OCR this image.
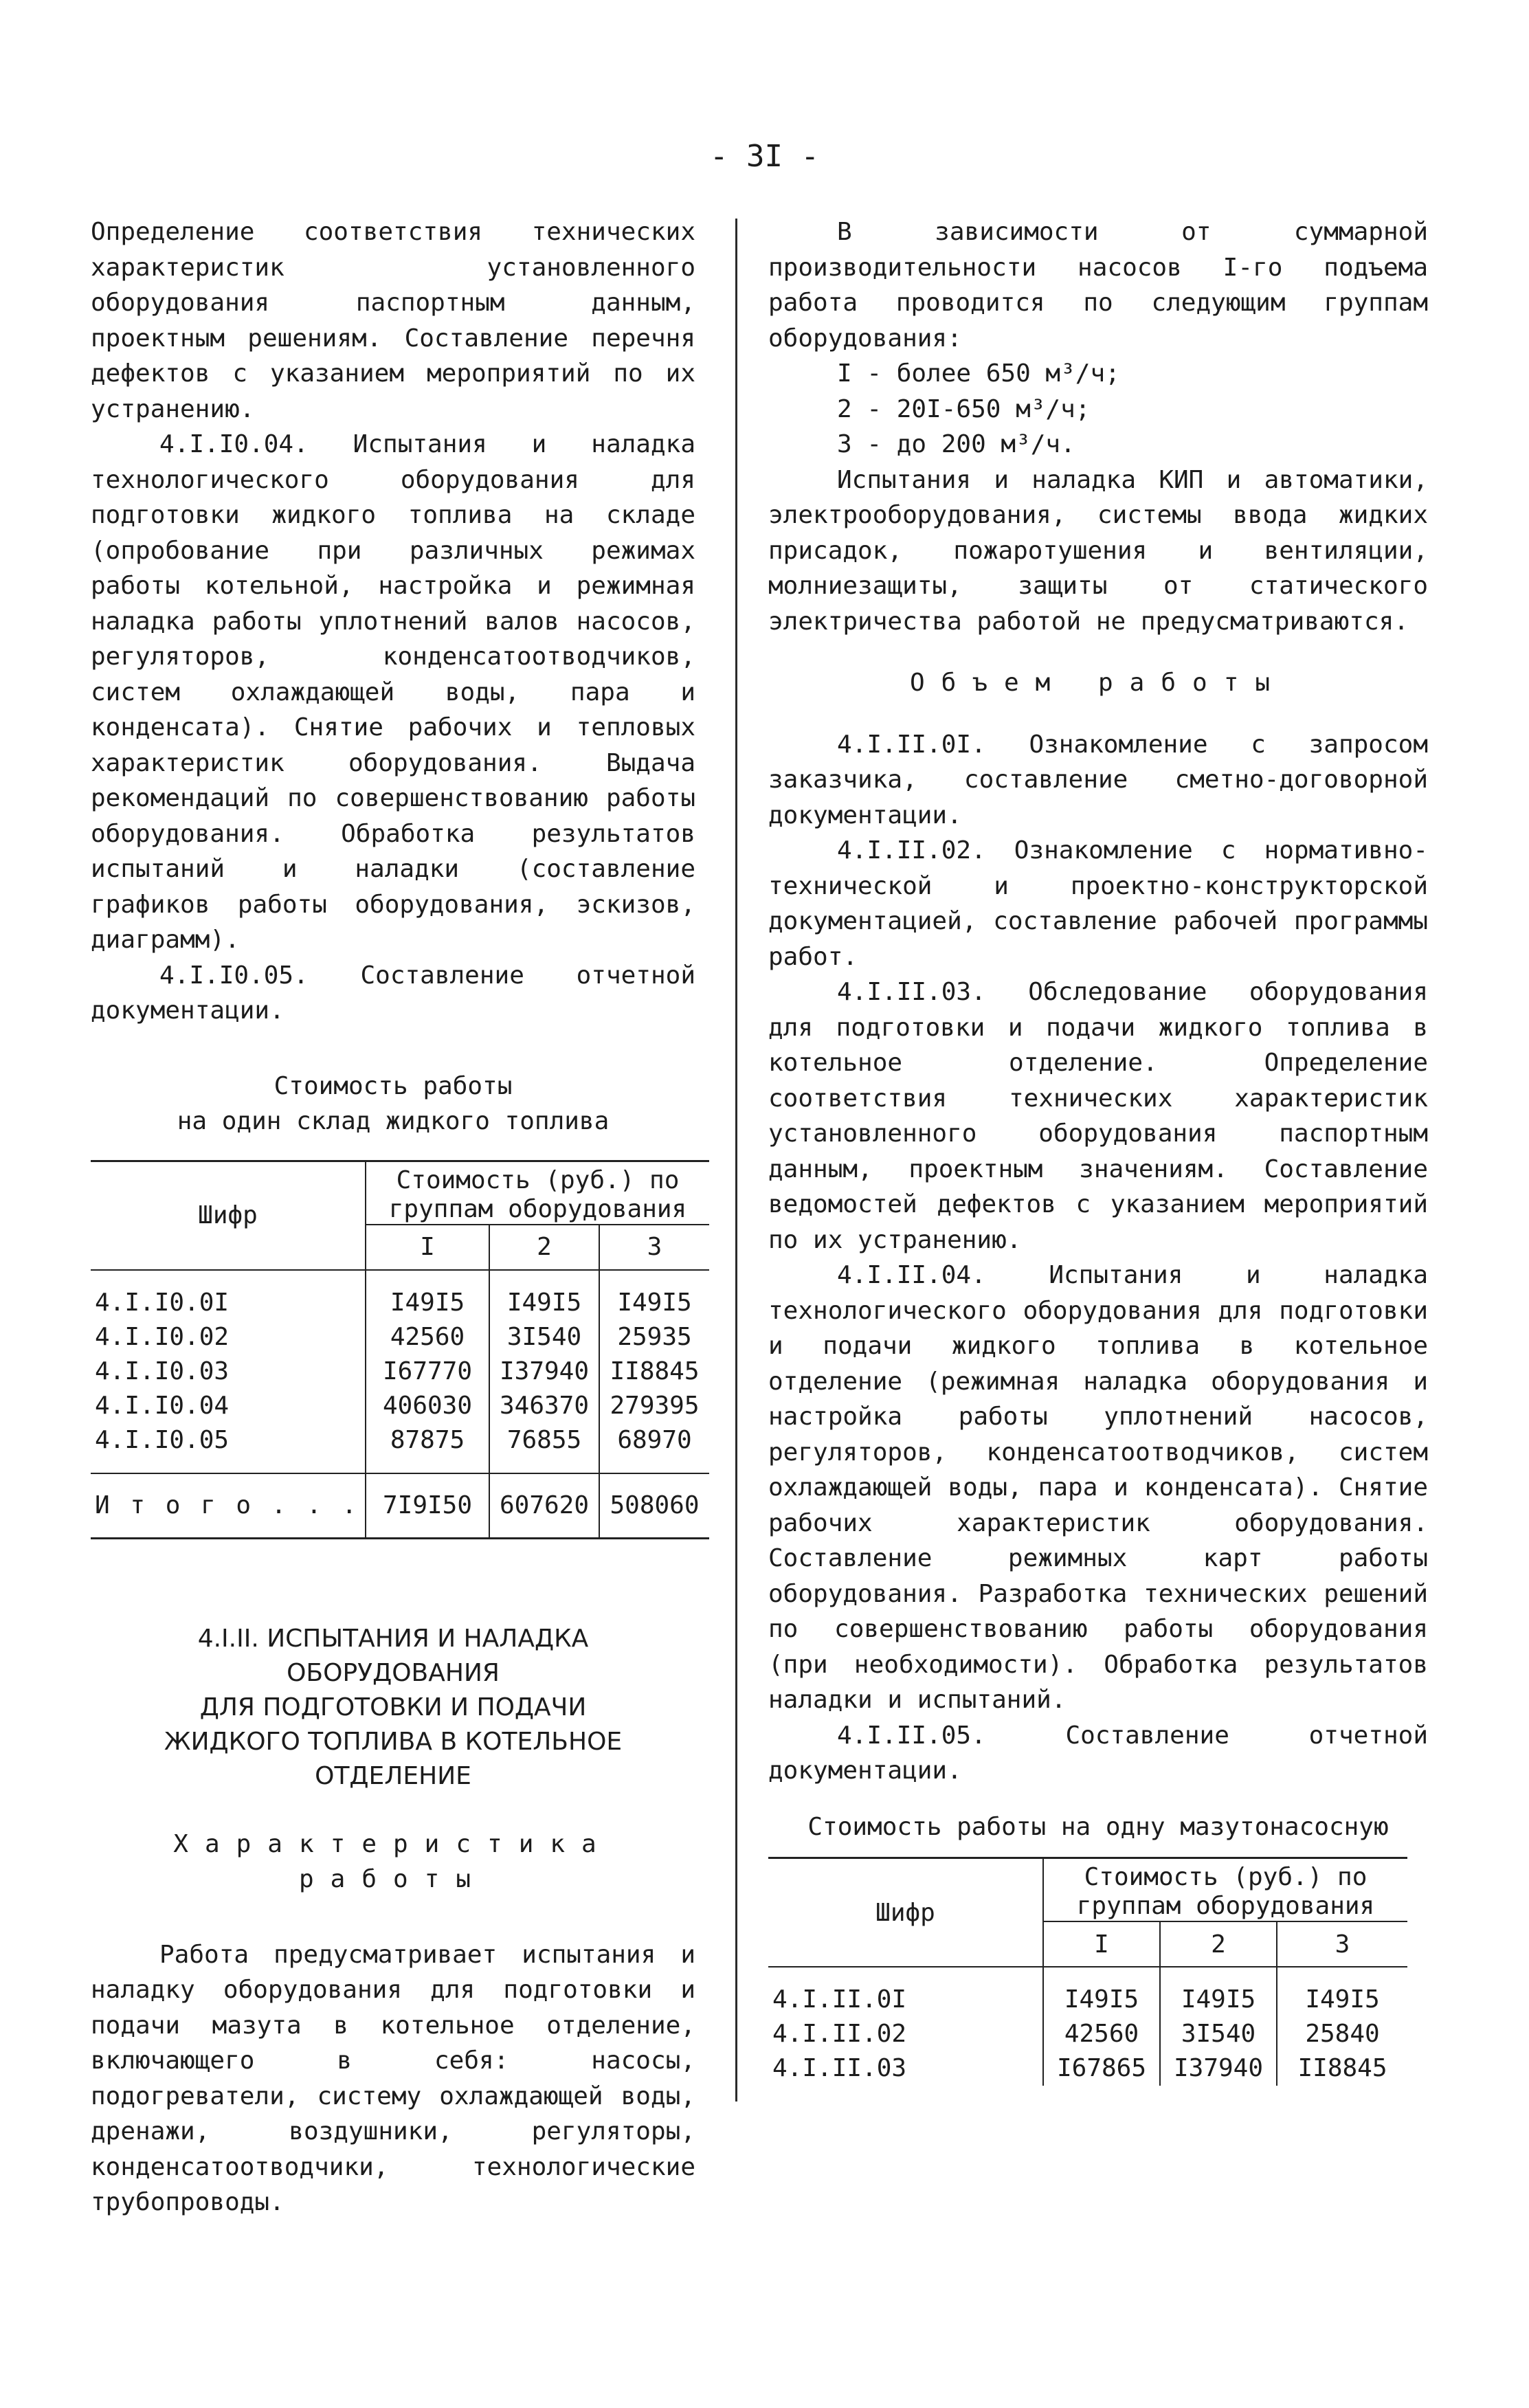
- 3I -

Определение соответствия технических характеристик установленного оборудования паспортным данным, проектным решениям. Составление перечня дефектов с указанием мероприятий по их устранению.

4.I.I0.04. Испытания и наладка технологического оборудования для подготовки жидкого топлива на складе (опробование при различных режимах работы котельной, настройка и режимная наладка работы уплотнений валов насосов, регуляторов, конденсатоотводчиков, систем охлаждающей воды, пара и конденсата). Снятие рабочих и тепловых характеристик оборудования. Выдача рекомендаций по совершенствованию работы оборудования. Обработка результатов испытаний и наладки (составление графиков работы оборудования, эскизов, диаграмм).

4.I.I0.05. Составление отчетной документации.

Стоимость работы

на один склад жидкого топлива

Шифр	Стоимость (руб.) по группам оборудования		
	I	2	3
4.I.I0.0I	I49I5	I49I5	I49I5
4.I.I0.02	42560	3I540	25935
4.I.I0.03	I67770	I37940	II8845
4.I.I0.04	406030	346370	279395
4.I.I0.05	87875	76855	68970
И т о г о . . .	7I9I50	607620	508060

4.I.II. ИСПЫТАНИЯ И НАЛАДКА

ОБОРУДОВАНИЯ

ДЛЯ ПОДГОТОВКИ И ПОДАЧИ

ЖИДКОГО ТОПЛИВА В КОТЕЛЬНОЕ ОТДЕЛЕНИЕ

Характеристика

работы

Работа предусматривает испытания и наладку оборудования для подготовки и подачи мазута в котельное отделение, включающего в себя: насосы, подогреватели, систему охлаждающей воды, дренажи, воздушники, регуляторы, конденсатоотводчики, технологические трубопроводы.

В зависимости от суммарной производительности насосов I-го подъема работа проводится по следующим группам оборудования:

I - более 650 м³/ч;

2 - 20I-650 м³/ч;

3 - до 200 м³/ч.

Испытания и наладка КИП и автоматики, электрооборудования, системы ввода жидких присадок, пожаротушения и вентиляции, молниезащиты, защиты от статического электричества работой не предусматриваются.

Объем работы

4.I.II.0I. Ознакомление с запросом заказчика, составление сметно-договорной документации.

4.I.II.02. Ознакомление с нормативно-технической и проектно-конструкторской документацией, составление рабочей программы работ.

4.I.II.03. Обследование оборудования для подготовки и подачи жидкого топлива в котельное отделение. Определение соответствия технических характеристик установленного оборудования паспортным данным, проектным значениям. Составление ведомостей дефектов с указанием мероприятий по их устранению.

4.I.II.04. Испытания и наладка технологического оборудования для подготовки и подачи жидкого топлива в котельное отделение (режимная наладка оборудования и настройка работы уплотнений насосов, регуляторов, конденсатоотводчиков, систем охлаждающей воды, пара и конденсата). Снятие рабочих характеристик оборудования. Составление режимных карт работы оборудования. Разработка технических решений по совершенствованию работы оборудования (при необходимости). Обработка результатов наладки и испытаний.

4.I.II.05. Составление отчетной документации.

Стоимость работы на одну мазутонасосную

Шифр	Стоимость (руб.) по группам оборудования		
	I	2	3
4.I.II.0I	I49I5	I49I5	I49I5
4.I.II.02	42560	3I540	25840
4.I.II.03	I67865	I37940	II8845
